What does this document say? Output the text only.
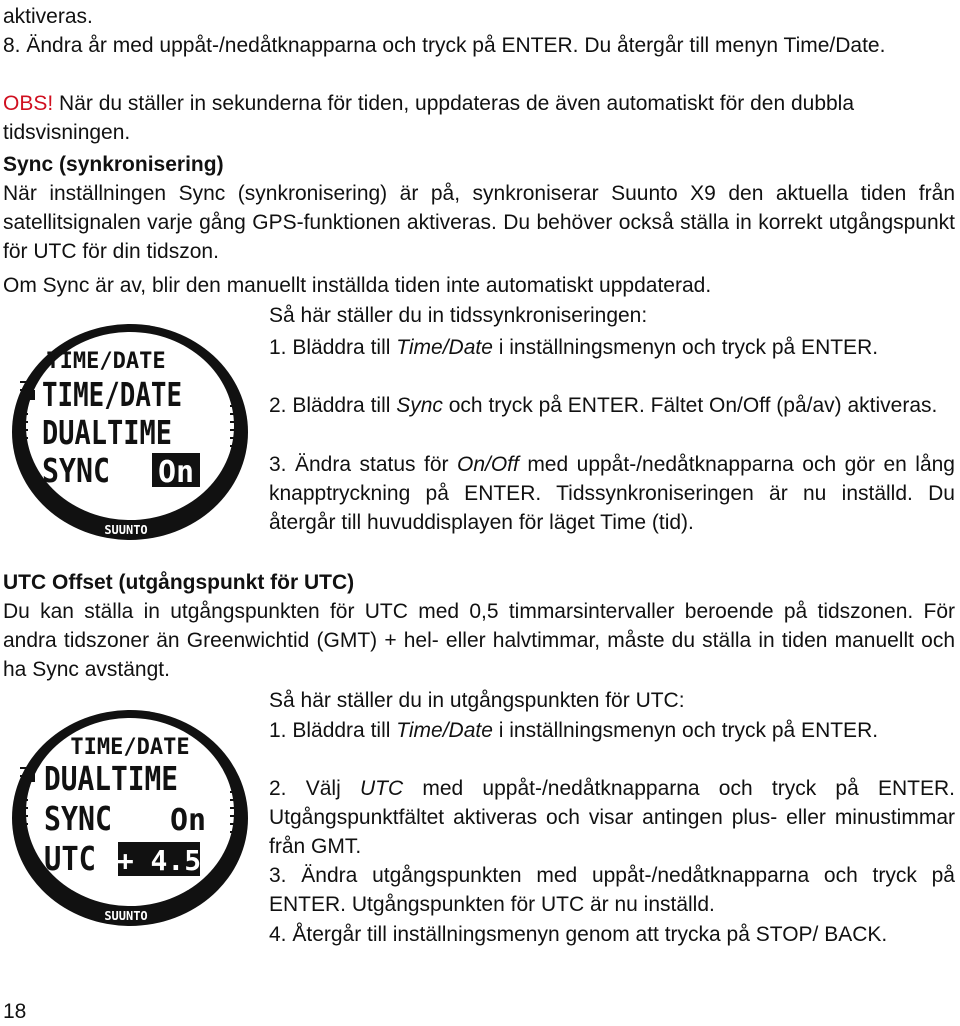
aktiveras.

8. Ändra år med uppåt-/nedåtknapparna och tryck på ENTER. Du återgår till menyn Time/Date.

OBS! När du ställer in sekunderna för tiden, uppdateras de även automatiskt för den dubbla tidsvisningen.

Sync (synkronisering)

När inställningen Sync (synkronisering) är på, synkroniserar Suunto X9 den aktuella tiden från satellitsignalen varje gång GPS-funktionen aktiveras. Du behöver också ställa in korrekt utgångspunkt för UTC för din tidszon.

Om Sync är av, blir den manuellt inställda tiden inte automatiskt uppdaterad.

Så här ställer du in tidssynkroniseringen:

1. Bläddra till Time/Date i inställningsmenyn och tryck på ENTER.

2. Bläddra till Sync och tryck på ENTER. Fältet On/Off (på/av) aktiveras.

3. Ändra status för On/Off med uppåt-/nedåtknapparna och gör en lång knapptryckning på ENTER. Tidssynkroniseringen är nu inställd. Du återgår till huvuddisplayen för läget Time (tid).

TIME/DATE
TIME/DATE
DUALTIME
SYNC On
SUUNTO

UTC Offset (utgångspunkt för UTC)

Du kan ställa in utgångspunkten för UTC med 0,5 timmarsintervaller beroende på tidszonen. För andra tidszoner än Greenwichtid (GMT) + hel- eller halvtimmar, måste du ställa in tiden manuellt och ha Sync avstängt.

Så här ställer du in utgångspunkten för UTC:

1. Bläddra till Time/Date i inställningsmenyn och tryck på ENTER.

2. Välj UTC med uppåt-/nedåtknapparna och tryck på ENTER. Utgångspunktfältet aktiveras och visar antingen plus- eller minustimmar från GMT.

3. Ändra utgångspunkten med uppåt-/nedåtknapparna och tryck på ENTER. Utgångspunkten för UTC är nu inställd.

4. Återgår till inställningsmenyn genom att trycka på STOP/ BACK.

TIME/DATE
DUALTIME
SYNC On
UTC + 4.5
SUUNTO
18
